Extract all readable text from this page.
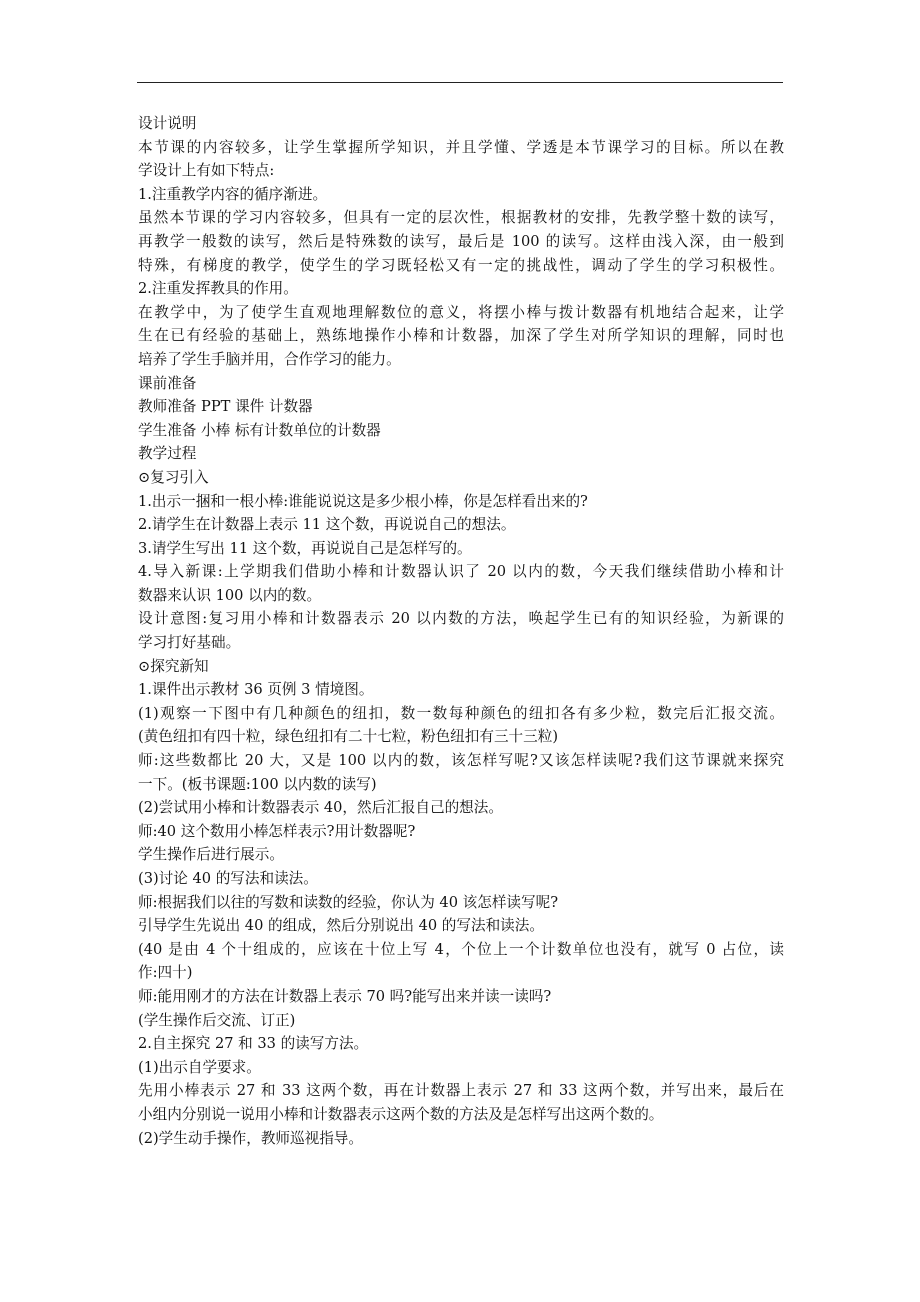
设计说明
本节课的内容较多，让学生掌握所学知识，并且学懂、学透是本节课学习的目标。所以在教
学设计上有如下特点:
1.注重教学内容的循序渐进。
虽然本节课的学习内容较多，但具有一定的层次性，根据教材的安排，先教学整十数的读写，
再教学一般数的读写，然后是特殊数的读写，最后是 100 的读写。这样由浅入深，由一般到
特殊，有梯度的教学，使学生的学习既轻松又有一定的挑战性，调动了学生的学习积极性。
2.注重发挥教具的作用。
在教学中，为了使学生直观地理解数位的意义，将摆小棒与拨计数器有机地结合起来，让学
生在已有经验的基础上，熟练地操作小棒和计数器，加深了学生对所学知识的理解，同时也
培养了学生手脑并用，合作学习的能力。
课前准备
教师准备 PPT 课件 计数器
学生准备 小棒 标有计数单位的计数器
教学过程
⊙复习引入
1.出示一捆和一根小棒:谁能说说这是多少根小棒，你是怎样看出来的?
2.请学生在计数器上表示 11 这个数，再说说自己的想法。
3.请学生写出 11 这个数，再说说自己是怎样写的。
4.导入新课:上学期我们借助小棒和计数器认识了 20 以内的数，今天我们继续借助小棒和计
数器来认识 100 以内的数。
设计意图:复习用小棒和计数器表示 20 以内数的方法，唤起学生已有的知识经验，为新课的
学习打好基础。
⊙探究新知
1.课件出示教材 36 页例 3 情境图。
(1)观察一下图中有几种颜色的纽扣，数一数每种颜色的纽扣各有多少粒，数完后汇报交流。
(黄色纽扣有四十粒，绿色纽扣有二十七粒，粉色纽扣有三十三粒)
师:这些数都比 20 大，又是 100 以内的数，该怎样写呢?又该怎样读呢?我们这节课就来探究
一下。(板书课题:100 以内数的读写)
(2)尝试用小棒和计数器表示 40，然后汇报自己的想法。
师:40 这个数用小棒怎样表示?用计数器呢?
学生操作后进行展示。
(3)讨论 40 的写法和读法。
师:根据我们以往的写数和读数的经验，你认为 40 该怎样读写呢?
引导学生先说出 40 的组成，然后分别说出 40 的写法和读法。
(40 是由 4 个十组成的，应该在十位上写 4，个位上一个计数单位也没有，就写 0 占位，读
作:四十)
师:能用刚才的方法在计数器上表示 70 吗?能写出来并读一读吗?
(学生操作后交流、订正)
2.自主探究 27 和 33 的读写方法。
(1)出示自学要求。
先用小棒表示 27 和 33 这两个数，再在计数器上表示 27 和 33 这两个数，并写出来，最后在
小组内分别说一说用小棒和计数器表示这两个数的方法及是怎样写出这两个数的。
(2)学生动手操作，教师巡视指导。
